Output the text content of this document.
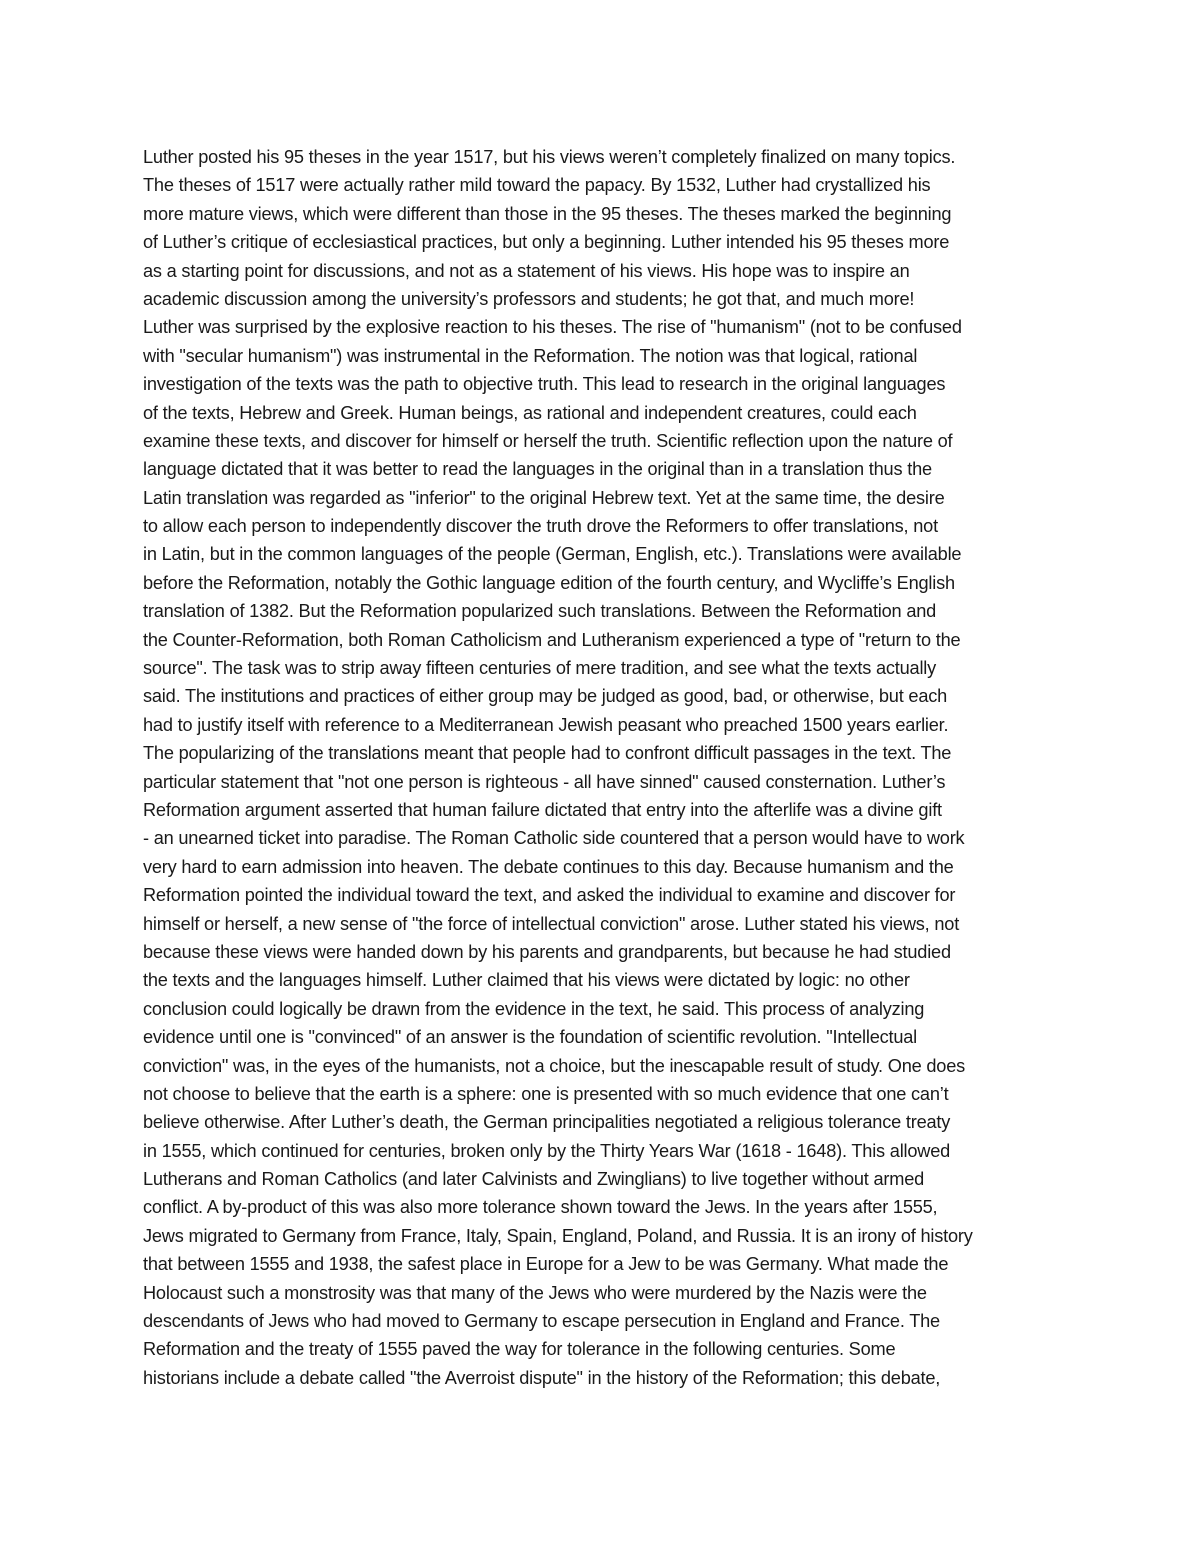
Luther posted his 95 theses in the year 1517, but his views weren’t completely finalized on many topics.
The theses of 1517 were actually rather mild toward the papacy. By 1532, Luther had crystallized his
more mature views, which were different than those in the 95 theses. The theses marked the beginning
of Luther’s critique of ecclesiastical practices, but only a beginning. Luther intended his 95 theses more
as a starting point for discussions, and not as a statement of his views. His hope was to inspire an
academic discussion among the university’s professors and students; he got that, and much more!
Luther was surprised by the explosive reaction to his theses. The rise of "humanism" (not to be confused
with "secular humanism") was instrumental in the Reformation. The notion was that logical, rational
investigation of the texts was the path to objective truth. This lead to research in the original languages
of the texts, Hebrew and Greek. Human beings, as rational and independent creatures, could each
examine these texts, and discover for himself or herself the truth. Scientific reflection upon the nature of
language dictated that it was better to read the languages in the original than in a translation thus the
Latin translation was regarded as "inferior" to the original Hebrew text. Yet at the same time, the desire
to allow each person to independently discover the truth drove the Reformers to offer translations, not
in Latin, but in the common languages of the people (German, English, etc.). Translations were available
before the Reformation, notably the Gothic language edition of the fourth century, and Wycliffe’s English
translation of 1382. But the Reformation popularized such translations. Between the Reformation and
the Counter-Reformation, both Roman Catholicism and Lutheranism experienced a type of "return to the
source". The task was to strip away fifteen centuries of mere tradition, and see what the texts actually
said. The institutions and practices of either group may be judged as good, bad, or otherwise, but each
had to justify itself with reference to a Mediterranean Jewish peasant who preached 1500 years earlier.
The popularizing of the translations meant that people had to confront difficult passages in the text. The
particular statement that "not one person is righteous - all have sinned" caused consternation. Luther’s
Reformation argument asserted that human failure dictated that entry into the afterlife was a divine gift
- an unearned ticket into paradise. The Roman Catholic side countered that a person would have to work
very hard to earn admission into heaven. The debate continues to this day. Because humanism and the
Reformation pointed the individual toward the text, and asked the individual to examine and discover for
himself or herself, a new sense of "the force of intellectual conviction" arose. Luther stated his views, not
because these views were handed down by his parents and grandparents, but because he had studied
the texts and the languages himself. Luther claimed that his views were dictated by logic: no other
conclusion could logically be drawn from the evidence in the text, he said. This process of analyzing
evidence until one is "convinced" of an answer is the foundation of scientific revolution. "Intellectual
conviction" was, in the eyes of the humanists, not a choice, but the inescapable result of study. One does
not choose to believe that the earth is a sphere: one is presented with so much evidence that one can’t
believe otherwise. After Luther’s death, the German principalities negotiated a religious tolerance treaty
in 1555, which continued for centuries, broken only by the Thirty Years War (1618 - 1648). This allowed
Lutherans and Roman Catholics (and later Calvinists and Zwinglians) to live together without armed
conflict. A by-product of this was also more tolerance shown toward the Jews. In the years after 1555,
Jews migrated to Germany from France, Italy, Spain, England, Poland, and Russia. It is an irony of history
that between 1555 and 1938, the safest place in Europe for a Jew to be was Germany. What made the
Holocaust such a monstrosity was that many of the Jews who were murdered by the Nazis were the
descendants of Jews who had moved to Germany to escape persecution in England and France. The
Reformation and the treaty of 1555 paved the way for tolerance in the following centuries. Some
historians include a debate called "the Averroist dispute" in the history of the Reformation; this debate,
